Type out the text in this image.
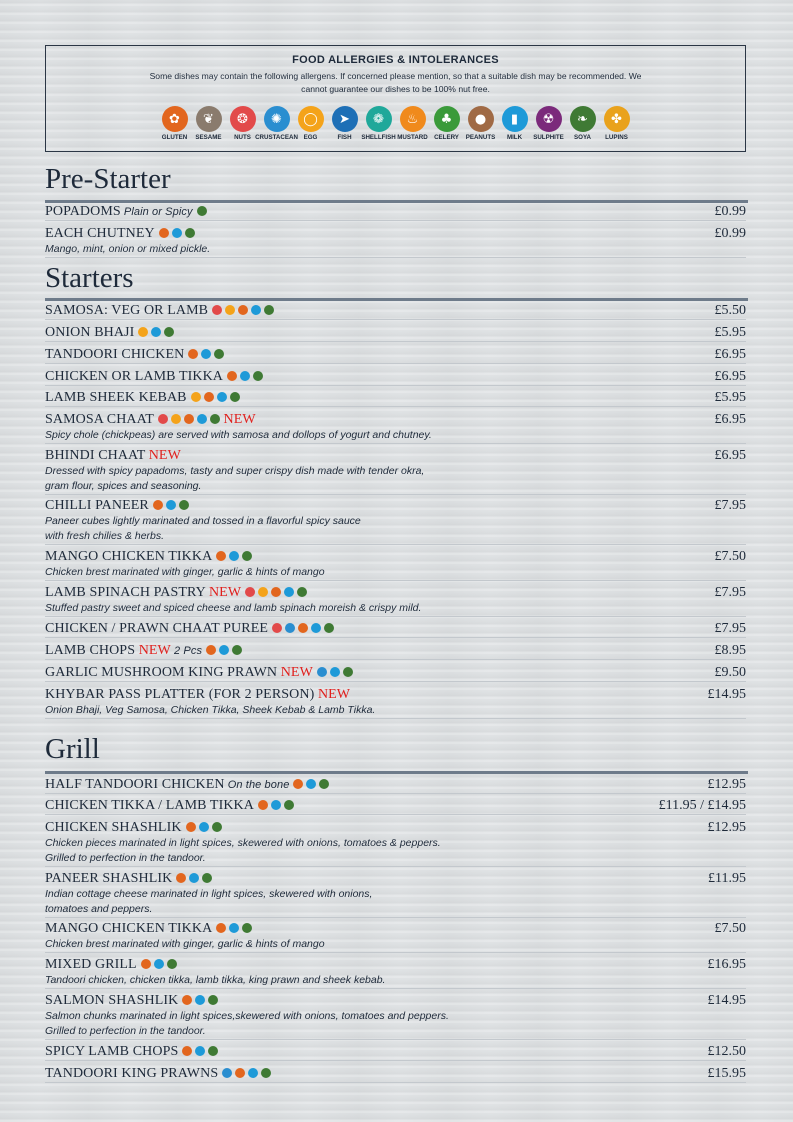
FOOD ALLERGIES & INTOLERANCES
Some dishes may contain the following allergens. If concerned please mention, so that a suitable dish may be recommended. We cannot guarantee our dishes to be 100% nut free.
✿
GLUTEN
❦
SESAME
❂
NUTS
✺
CRUSTACEAN
◯
EGG
➤
FISH
❁
SHELLFISH
♨
MUSTARD
♣
CELERY
●
PEANUTS
▮
MILK
☢
SULPHITE
❧
SOYA
✤
LUPINS
Pre-Starter
Starters
Grill
POPADOMS Plain or Spicy	£0.99
EACH CHUTNEY	£0.99
Mango, mint, onion or mixed pickle.
SAMOSA: VEG OR LAMB	£5.50
ONION BHAJI	£5.95
TANDOORI CHICKEN	£6.95
CHICKEN OR LAMB TIKKA	£6.95
LAMB SHEEK KEBAB	£5.95
SAMOSA CHAAT	NEW	£6.95
Spicy chole (chickpeas) are served with samosa and dollops of yogurt and chutney.
BHINDI CHAAT NEW	£6.95
Dressed with spicy papadoms, tasty and super crispy dish made with tender okra,
gram flour, spices and seasoning.
CHILLI PANEER	£7.95
Paneer cubes lightly marinated and tossed in a flavorful spicy sauce
with fresh chilies & herbs.
MANGO CHICKEN TIKKA	£7.50
Chicken brest marinated with ginger, garlic & hints of mango
LAMB SPINACH PASTRY NEW	£7.95
Stuffed pastry sweet and spiced cheese and lamb spinach moreish & crispy mild.
CHICKEN / PRAWN CHAAT PUREE	£7.95
LAMB CHOPS NEW 2 Pcs	£8.95
GARLIC MUSHROOM KING PRAWN NEW	£9.50
KHYBAR PASS PLATTER (FOR 2 PERSON) NEW	£14.95
Onion Bhaji, Veg Samosa, Chicken Tikka, Sheek Kebab & Lamb Tikka.
HALF TANDOORI CHICKEN On the bone	£12.95
CHICKEN TIKKA / LAMB TIKKA	£11.95 / £14.95
CHICKEN SHASHLIK	£12.95
Chicken pieces marinated in light spices, skewered with onions, tomatoes & peppers.
Grilled to perfection in the tandoor.
PANEER SHASHLIK	£11.95
Indian cottage cheese marinated in light spices, skewered with onions,
tomatoes and peppers.
MANGO CHICKEN TIKKA	£7.50
Chicken brest marinated with ginger, garlic & hints of mango
MIXED GRILL	£16.95
Tandoori chicken, chicken tikka, lamb tikka, king prawn and sheek kebab.
SALMON SHASHLIK	£14.95
Salmon chunks marinated in light spices,skewered with onions, tomatoes and peppers.
Grilled to perfection in the tandoor.
SPICY LAMB CHOPS	£12.50
TANDOORI KING PRAWNS	£15.95
